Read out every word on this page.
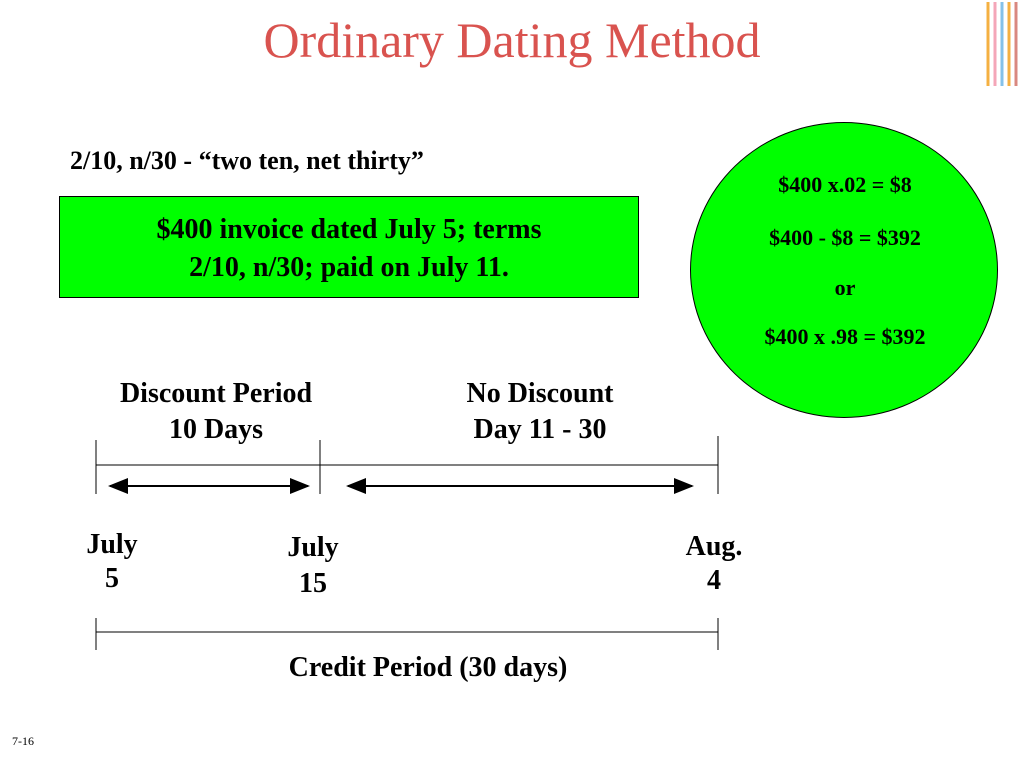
Ordinary Dating Method
2/10, n/30 - “two ten, net thirty”
$400 invoice dated July 5; terms
2/10, n/30; paid on July 11.
$400 x.02 = $8
$400 - $8 = $392
or
$400 x .98 = $392
Discount Period
10 Days
No Discount
Day 11 - 30
July
5
July
15
Aug.
4
Credit Period (30 days)
7-16
